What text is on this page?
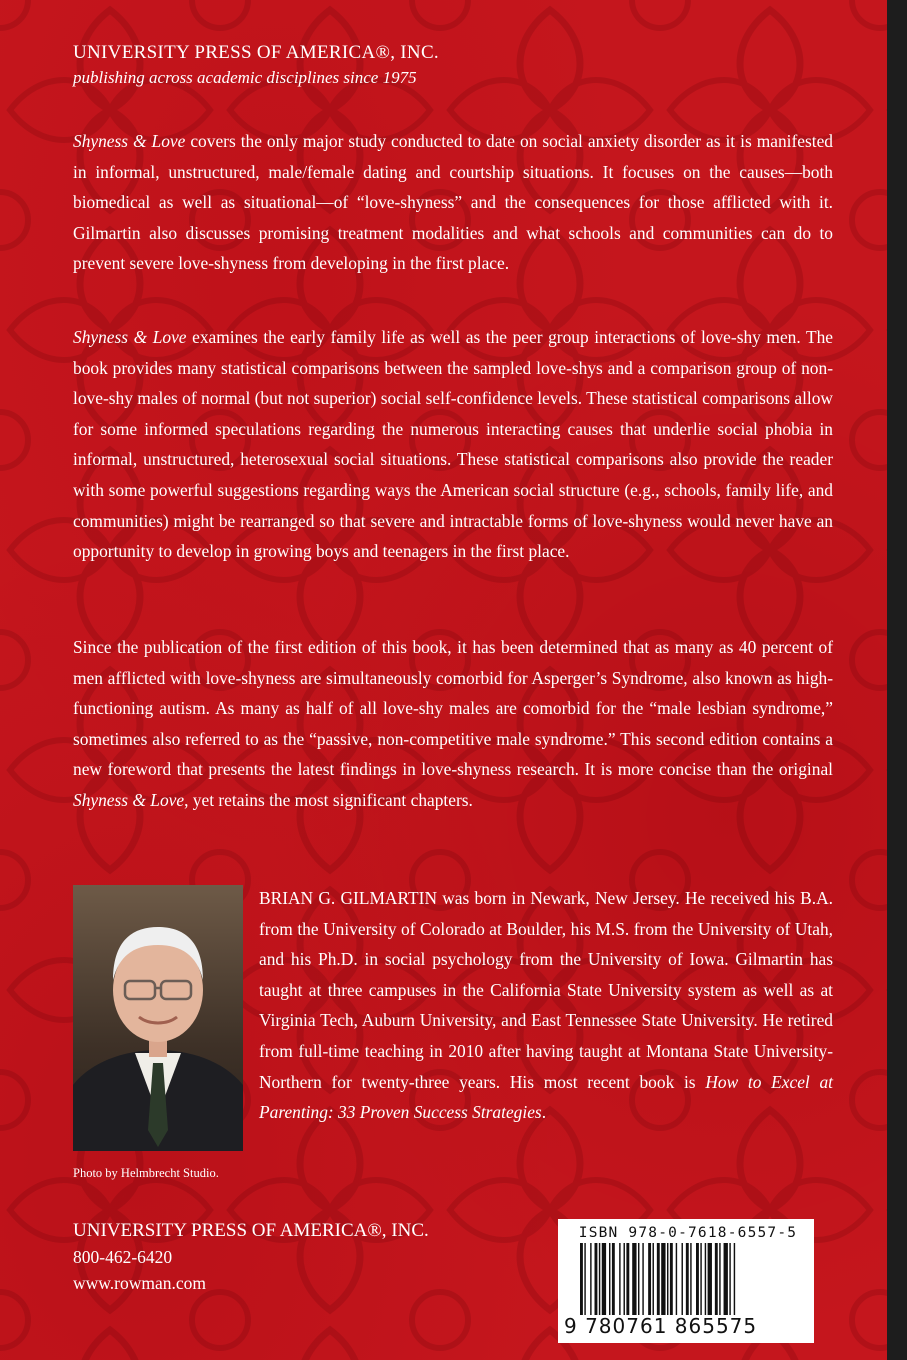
UNIVERSITY PRESS OF AMERICA®, INC.
publishing across academic disciplines since 1975

Shyness & Love covers the only major study conducted to date on social anxiety disorder as it is manifested in informal, unstructured, male/female dating and courtship situations. It focuses on the causes—both biomedical as well as situational—of “love-shyness” and the consequences for those afflicted with it. Gilmartin also discusses promising treatment modalities and what schools and communities can do to prevent severe love-shyness from developing in the first place.

Shyness & Love examines the early family life as well as the peer group interactions of love-shy men. The book provides many statistical comparisons between the sampled love-shys and a comparison group of non-love-shy males of normal (but not superior) social self-confidence levels. These statistical comparisons allow for some informed speculations regarding the numerous interacting causes that underlie social phobia in informal, unstructured, heterosexual social situations. These statistical comparisons also provide the reader with some powerful suggestions regarding ways the American social structure (e.g., schools, family life, and communities) might be rearranged so that severe and intractable forms of love-shyness would never have an opportunity to develop in growing boys and teenagers in the first place.

Since the publication of the first edition of this book, it has been determined that as many as 40 percent of men afflicted with love-shyness are simultaneously comorbid for Asperger’s Syndrome, also known as high-functioning autism. As many as half of all love-shy males are comorbid for the “male lesbian syndrome,” sometimes also referred to as the “passive, non-competitive male syndrome.” This second edition contains a new foreword that presents the latest findings in love-shyness research. It is more concise than the original Shyness & Love, yet retains the most significant chapters.

Photo by Helmbrecht Studio.

BRIAN G. GILMARTIN was born in Newark, New Jersey. He received his B.A. from the University of Colorado at Boulder, his M.S. from the University of Utah, and his Ph.D. in social psychology from the University of Iowa. Gilmartin has taught at three campuses in the California State University system as well as at Virginia Tech, Auburn University, and East Tennessee State University. He retired from full-time teaching in 2010 after having taught at Montana State University-Northern for twenty-three years. His most recent book is How to Excel at Parenting: 33 Proven Success Strategies.

UNIVERSITY PRESS OF AMERICA®, INC.
800-462-6420
www.rowman.com
ISBN 978-0-7618-6557-5
9 780761 865575
